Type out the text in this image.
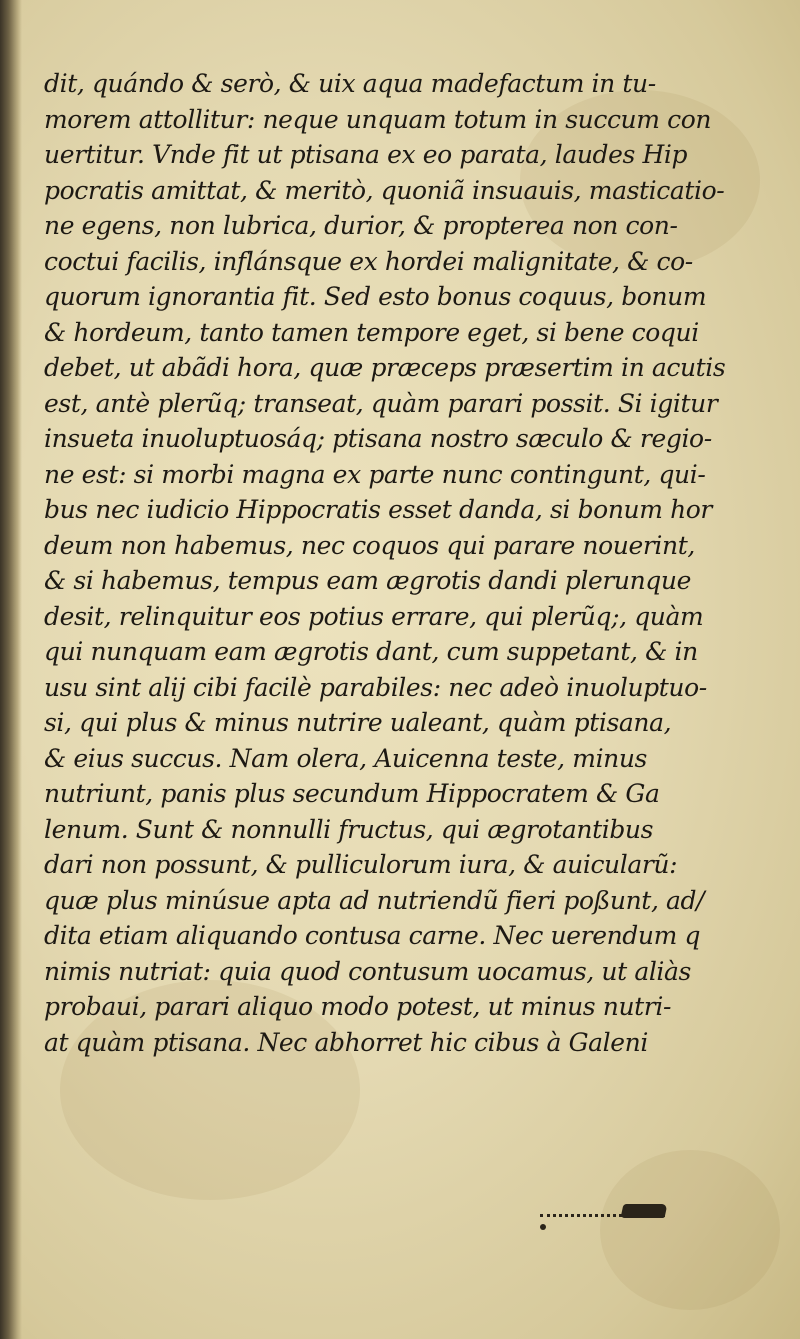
dit, quándo & serò, & uix aqua madefactum in tu-
morem attollitur: neque unquam totum in succum con
uertitur. Vnde fit ut ptisana ex eo parata, laudes Hip
pocratis amittat, & meritò, quoniã insuauis, masticatio-
ne egens, non lubrica, durior, & propterea non con-
coctui facilis, inflánsque ex hordei malignitate, & co-
quorum ignorantia fit. Sed esto bonus coquus, bonum
& hordeum, tanto tamen tempore eget, si bene coqui
debet, ut abãdi hora, quæ præceps præsertim in acutis
est, antè plerũq; transeat, quàm parari possit. Si igitur
insueta inuoluptuosáq; ptisana nostro sæculo & regio-
ne est: si morbi magna ex parte nunc contingunt, qui-
bus nec iudicio Hippocratis esset danda, si bonum hor
deum non habemus, nec coquos qui parare nouerint,
& si habemus, tempus eam ægrotis dandi plerunque
desit, relinquitur eos potius errare, qui plerũq;, quàm
qui nunquam eam ægrotis dant, cum suppetant, & in
usu sint alij cibi facilè parabiles: nec adeò inuoluptuo-
si, qui plus & minus nutrire ualeant, quàm ptisana,
& eius succus. Nam olera, Auicenna teste, minus
nutriunt, panis plus secundum Hippocratem & Ga
lenum. Sunt & nonnulli fructus, qui ægrotantibus
dari non possunt, & pulliculorum iura, & auicularũ:
quæ plus minúsue apta ad nutriendũ fieri poßunt, ad/
dita etiam aliquando contusa carne. Nec uerendum q
nimis nutriat: quia quod contusum uocamus, ut aliàs
probaui, parari aliquo modo potest, ut minus nutri-
at quàm ptisana. Nec abhorret hic cibus à Galeni
